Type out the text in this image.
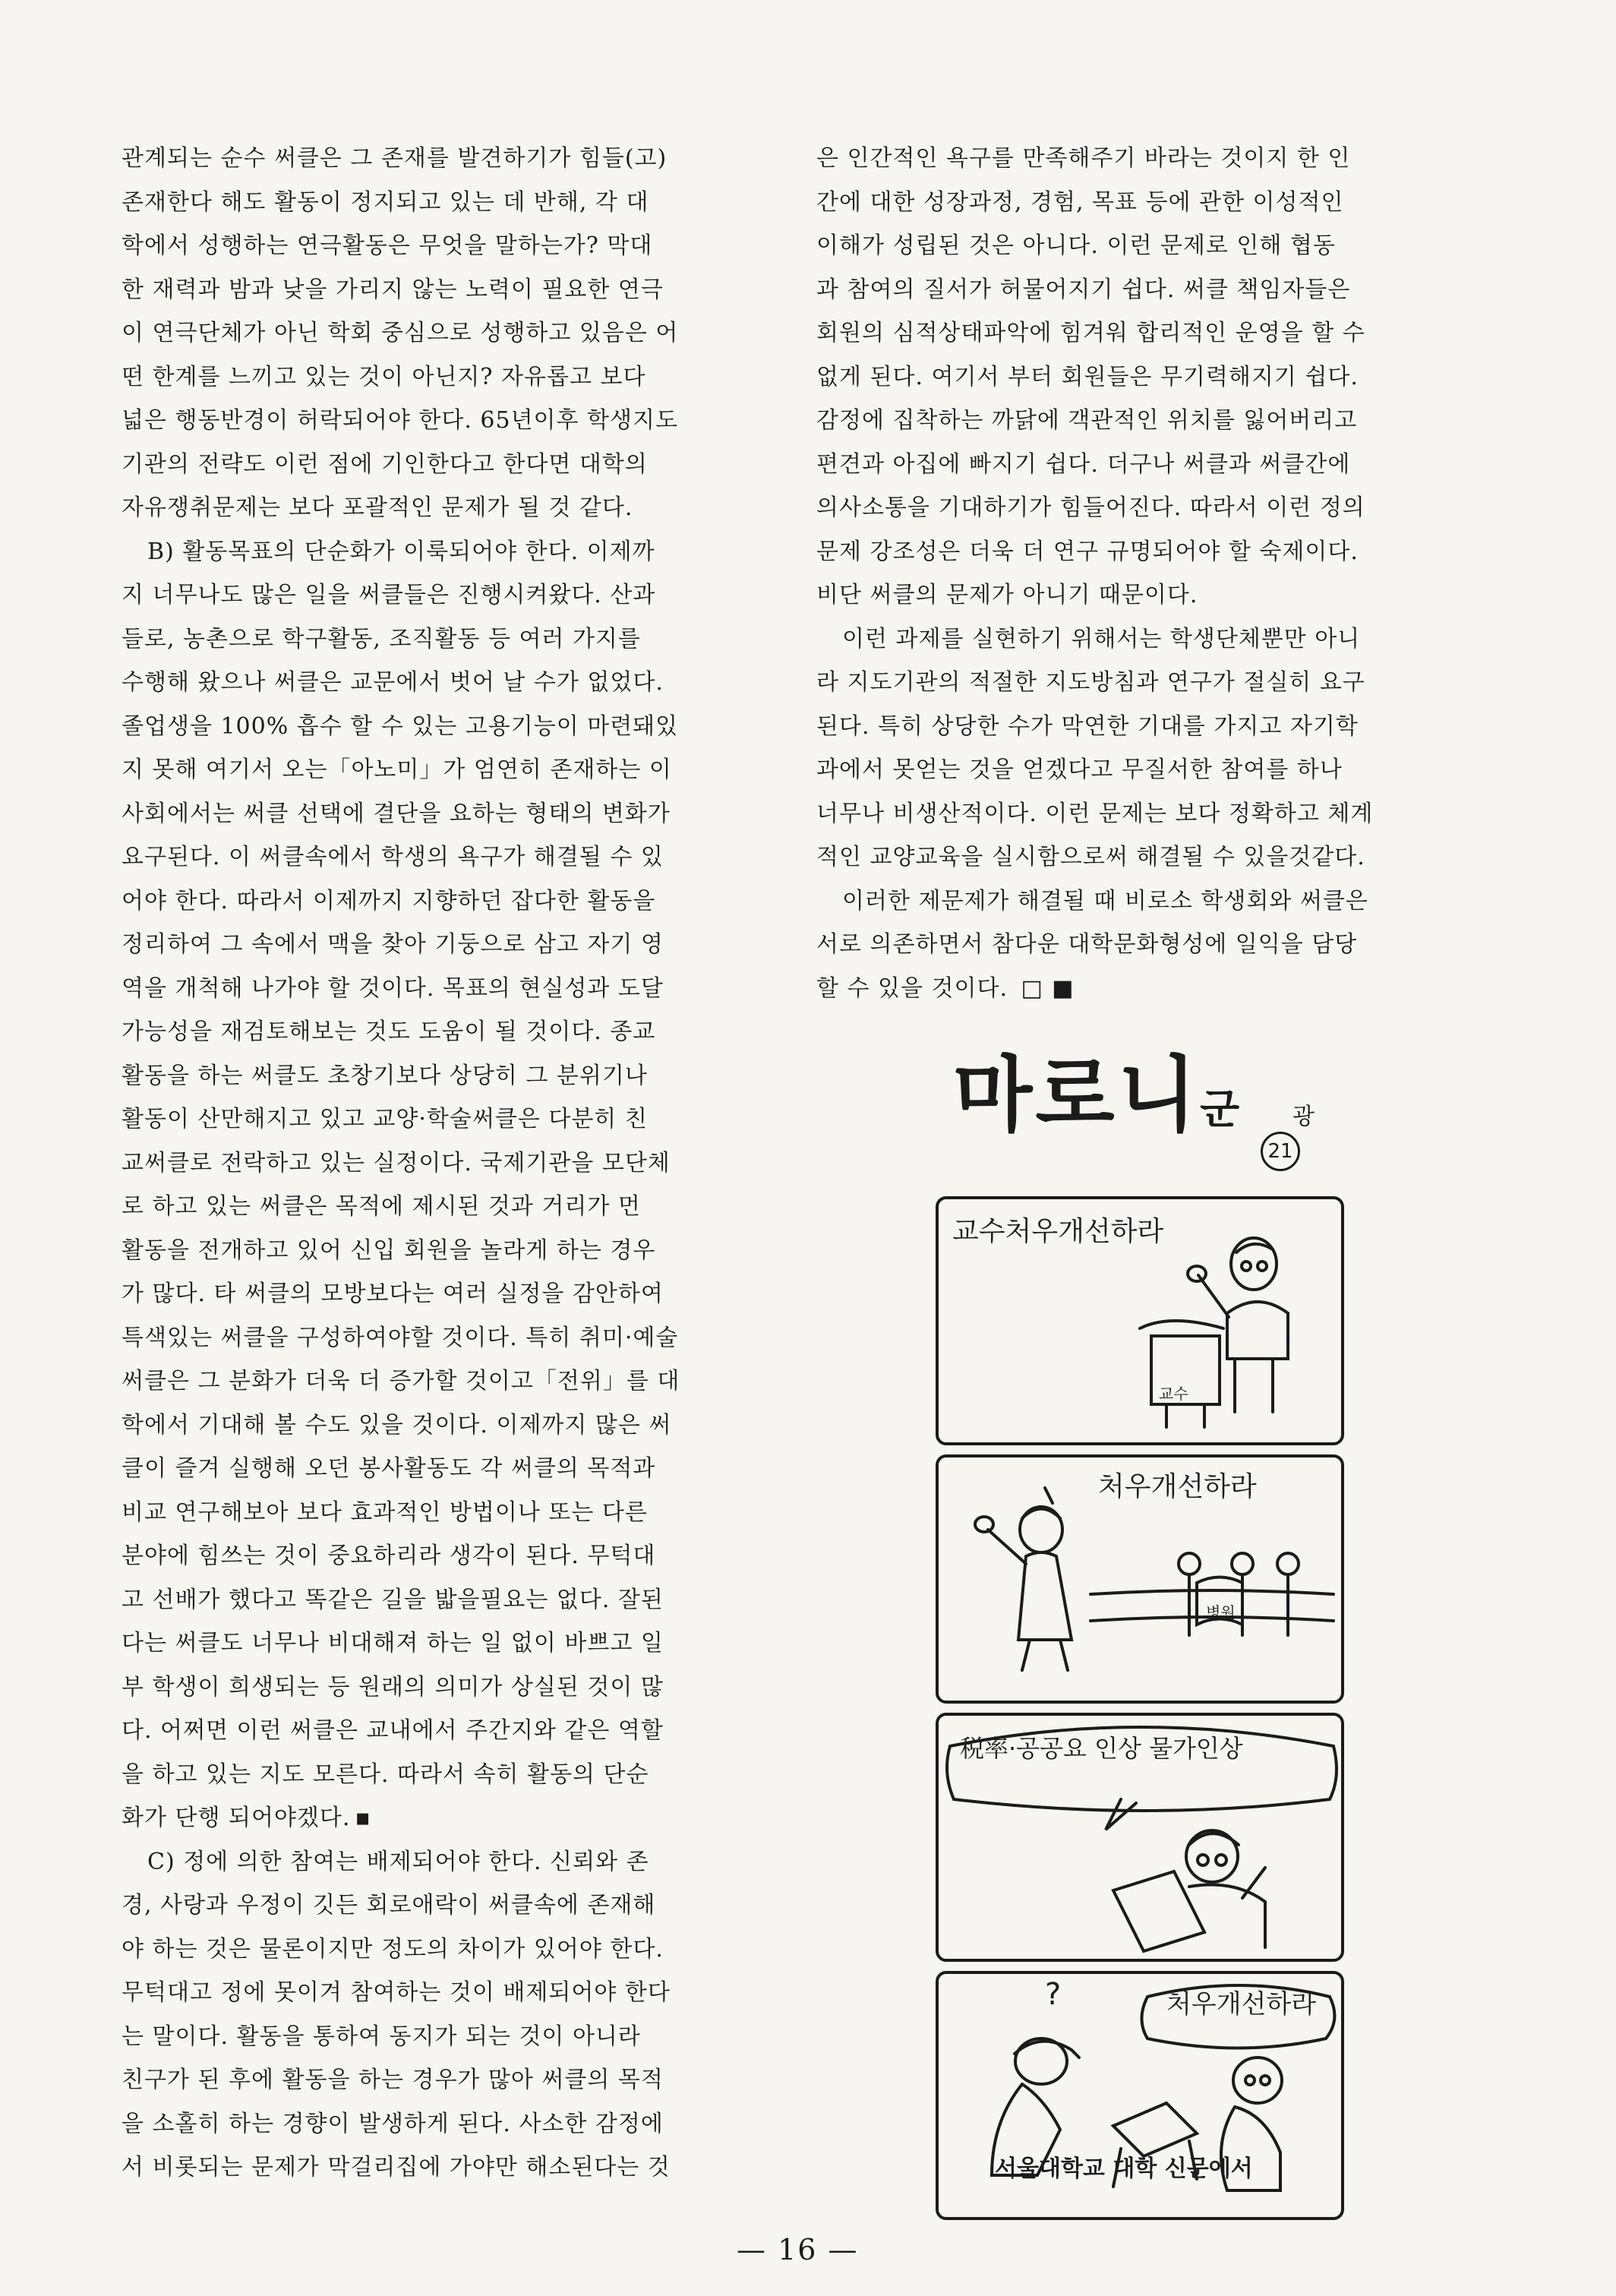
관계되는 순수 써클은 그 존재를 발견하기가 힘들(고)

존재한다 해도 활동이 정지되고 있는 데 반해, 각 대

학에서 성행하는 연극활동은 무엇을 말하는가? 막대

한 재력과 밤과 낮을 가리지 않는 노력이 필요한 연극

이 연극단체가 아닌 학회 중심으로 성행하고 있음은 어

떤 한계를 느끼고 있는 것이 아닌지? 자유롭고 보다

넓은 행동반경이 허락되어야 한다. 65년이후 학생지도

기관의 전략도 이런 점에 기인한다고 한다면 대학의

자유쟁취문제는 보다 포괄적인 문제가 될 것 같다.

B) 활동목표의 단순화가 이룩되어야 한다. 이제까

지 너무나도 많은 일을 써클들은 진행시켜왔다. 산과

들로, 농촌으로 학구활동, 조직활동 등 여러 가지를

수행해 왔으나 써클은 교문에서 벗어 날 수가 없었다.

졸업생을 100% 흡수 할 수 있는 고용기능이 마련돼있

지 못해 여기서 오는「아노미」가 엄연히 존재하는 이

사회에서는 써클 선택에 결단을 요하는 형태의 변화가

요구된다. 이 써클속에서 학생의 욕구가 해결될 수 있

어야 한다. 따라서 이제까지 지향하던 잡다한 활동을

정리하여 그 속에서 맥을 찾아 기둥으로 삼고 자기 영

역을 개척해 나가야 할 것이다. 목표의 현실성과 도달

가능성을 재검토해보는 것도 도움이 될 것이다. 종교

활동을 하는 써클도 초창기보다 상당히 그 분위기나

활동이 산만해지고 있고 교양·학술써클은 다분히 친

교써클로 전락하고 있는 실정이다. 국제기관을 모단체

로 하고 있는 써클은 목적에 제시된 것과 거리가 먼

활동을 전개하고 있어 신입 회원을 놀라게 하는 경우

가 많다. 타 써클의 모방보다는 여러 실정을 감안하여

특색있는 써클을 구성하여야할 것이다. 특히 취미·예술

써클은 그 분화가 더욱 더 증가할 것이고「전위」를 대

학에서 기대해 볼 수도 있을 것이다. 이제까지 많은 써

클이 즐겨 실행해 오던 봉사활동도 각 써클의 목적과

비교 연구해보아 보다 효과적인 방법이나 또는 다른

분야에 힘쓰는 것이 중요하리라 생각이 된다. 무턱대

고 선배가 했다고 똑같은 길을 밟을필요는 없다. 잘된

다는 써클도 너무나 비대해져 하는 일 없이 바쁘고 일

부 학생이 희생되는 등 원래의 의미가 상실된 것이 많

다. 어쩌면 이런 써클은 교내에서 주간지와 같은 역할

을 하고 있는 지도 모른다. 따라서 속히 활동의 단순

화가 단행 되어야겠다. ▪

C) 정에 의한 참여는 배제되어야 한다. 신뢰와 존

경, 사랑과 우정이 깃든 회로애락이 써클속에 존재해

야 하는 것은 물론이지만 정도의 차이가 있어야 한다.

무턱대고 정에 못이겨 참여하는 것이 배제되어야 한다

는 말이다. 활동을 통하여 동지가 되는 것이 아니라

친구가 된 후에 활동을 하는 경우가 많아 써클의 목적

을 소홀히 하는 경향이 발생하게 된다. 사소한 감정에

서 비롯되는 문제가 막걸리집에 가야만 해소된다는 것

은 인간적인 욕구를 만족해주기 바라는 것이지 한 인

간에 대한 성장과정, 경험, 목표 등에 관한 이성적인

이해가 성립된 것은 아니다. 이런 문제로 인해 협동

과 참여의 질서가 허물어지기 쉽다. 써클 책임자들은

회원의 심적상태파악에 힘겨워 합리적인 운영을 할 수

없게 된다. 여기서 부터 회원들은 무기력해지기 쉽다.

감정에 집착하는 까닭에 객관적인 위치를 잃어버리고

편견과 아집에 빠지기 쉽다. 더구나 써클과 써클간에

의사소통을 기대하기가 힘들어진다. 따라서 이런 정의

문제 강조성은 더욱 더 연구 규명되어야 할 숙제이다.

비단 써클의 문제가 아니기 때문이다.

이런 과제를 실현하기 위해서는 학생단체뿐만 아니

라 지도기관의 적절한 지도방침과 연구가 절실히 요구

된다. 특히 상당한 수가 막연한 기대를 가지고 자기학

과에서 못얻는 것을 얻겠다고 무질서한 참여를 하나

너무나 비생산적이다. 이런 문제는 보다 정확하고 체계

적인 교양교육을 실시함으로써 해결될 수 있을것같다.

이러한 제문제가 해결될 때 비로소 학생회와 써클은

서로 의존하면서 참다운 대학문화형성에 일익을 담당

할 수 있을 것이다. □ ■

마로니군 광
21
교수처우개선하라
교수
처우개선하라
병원
税率·공공요 인상 물가인상
?	처우개선하라
서울대학교 대학 신문에서
— 16 —
